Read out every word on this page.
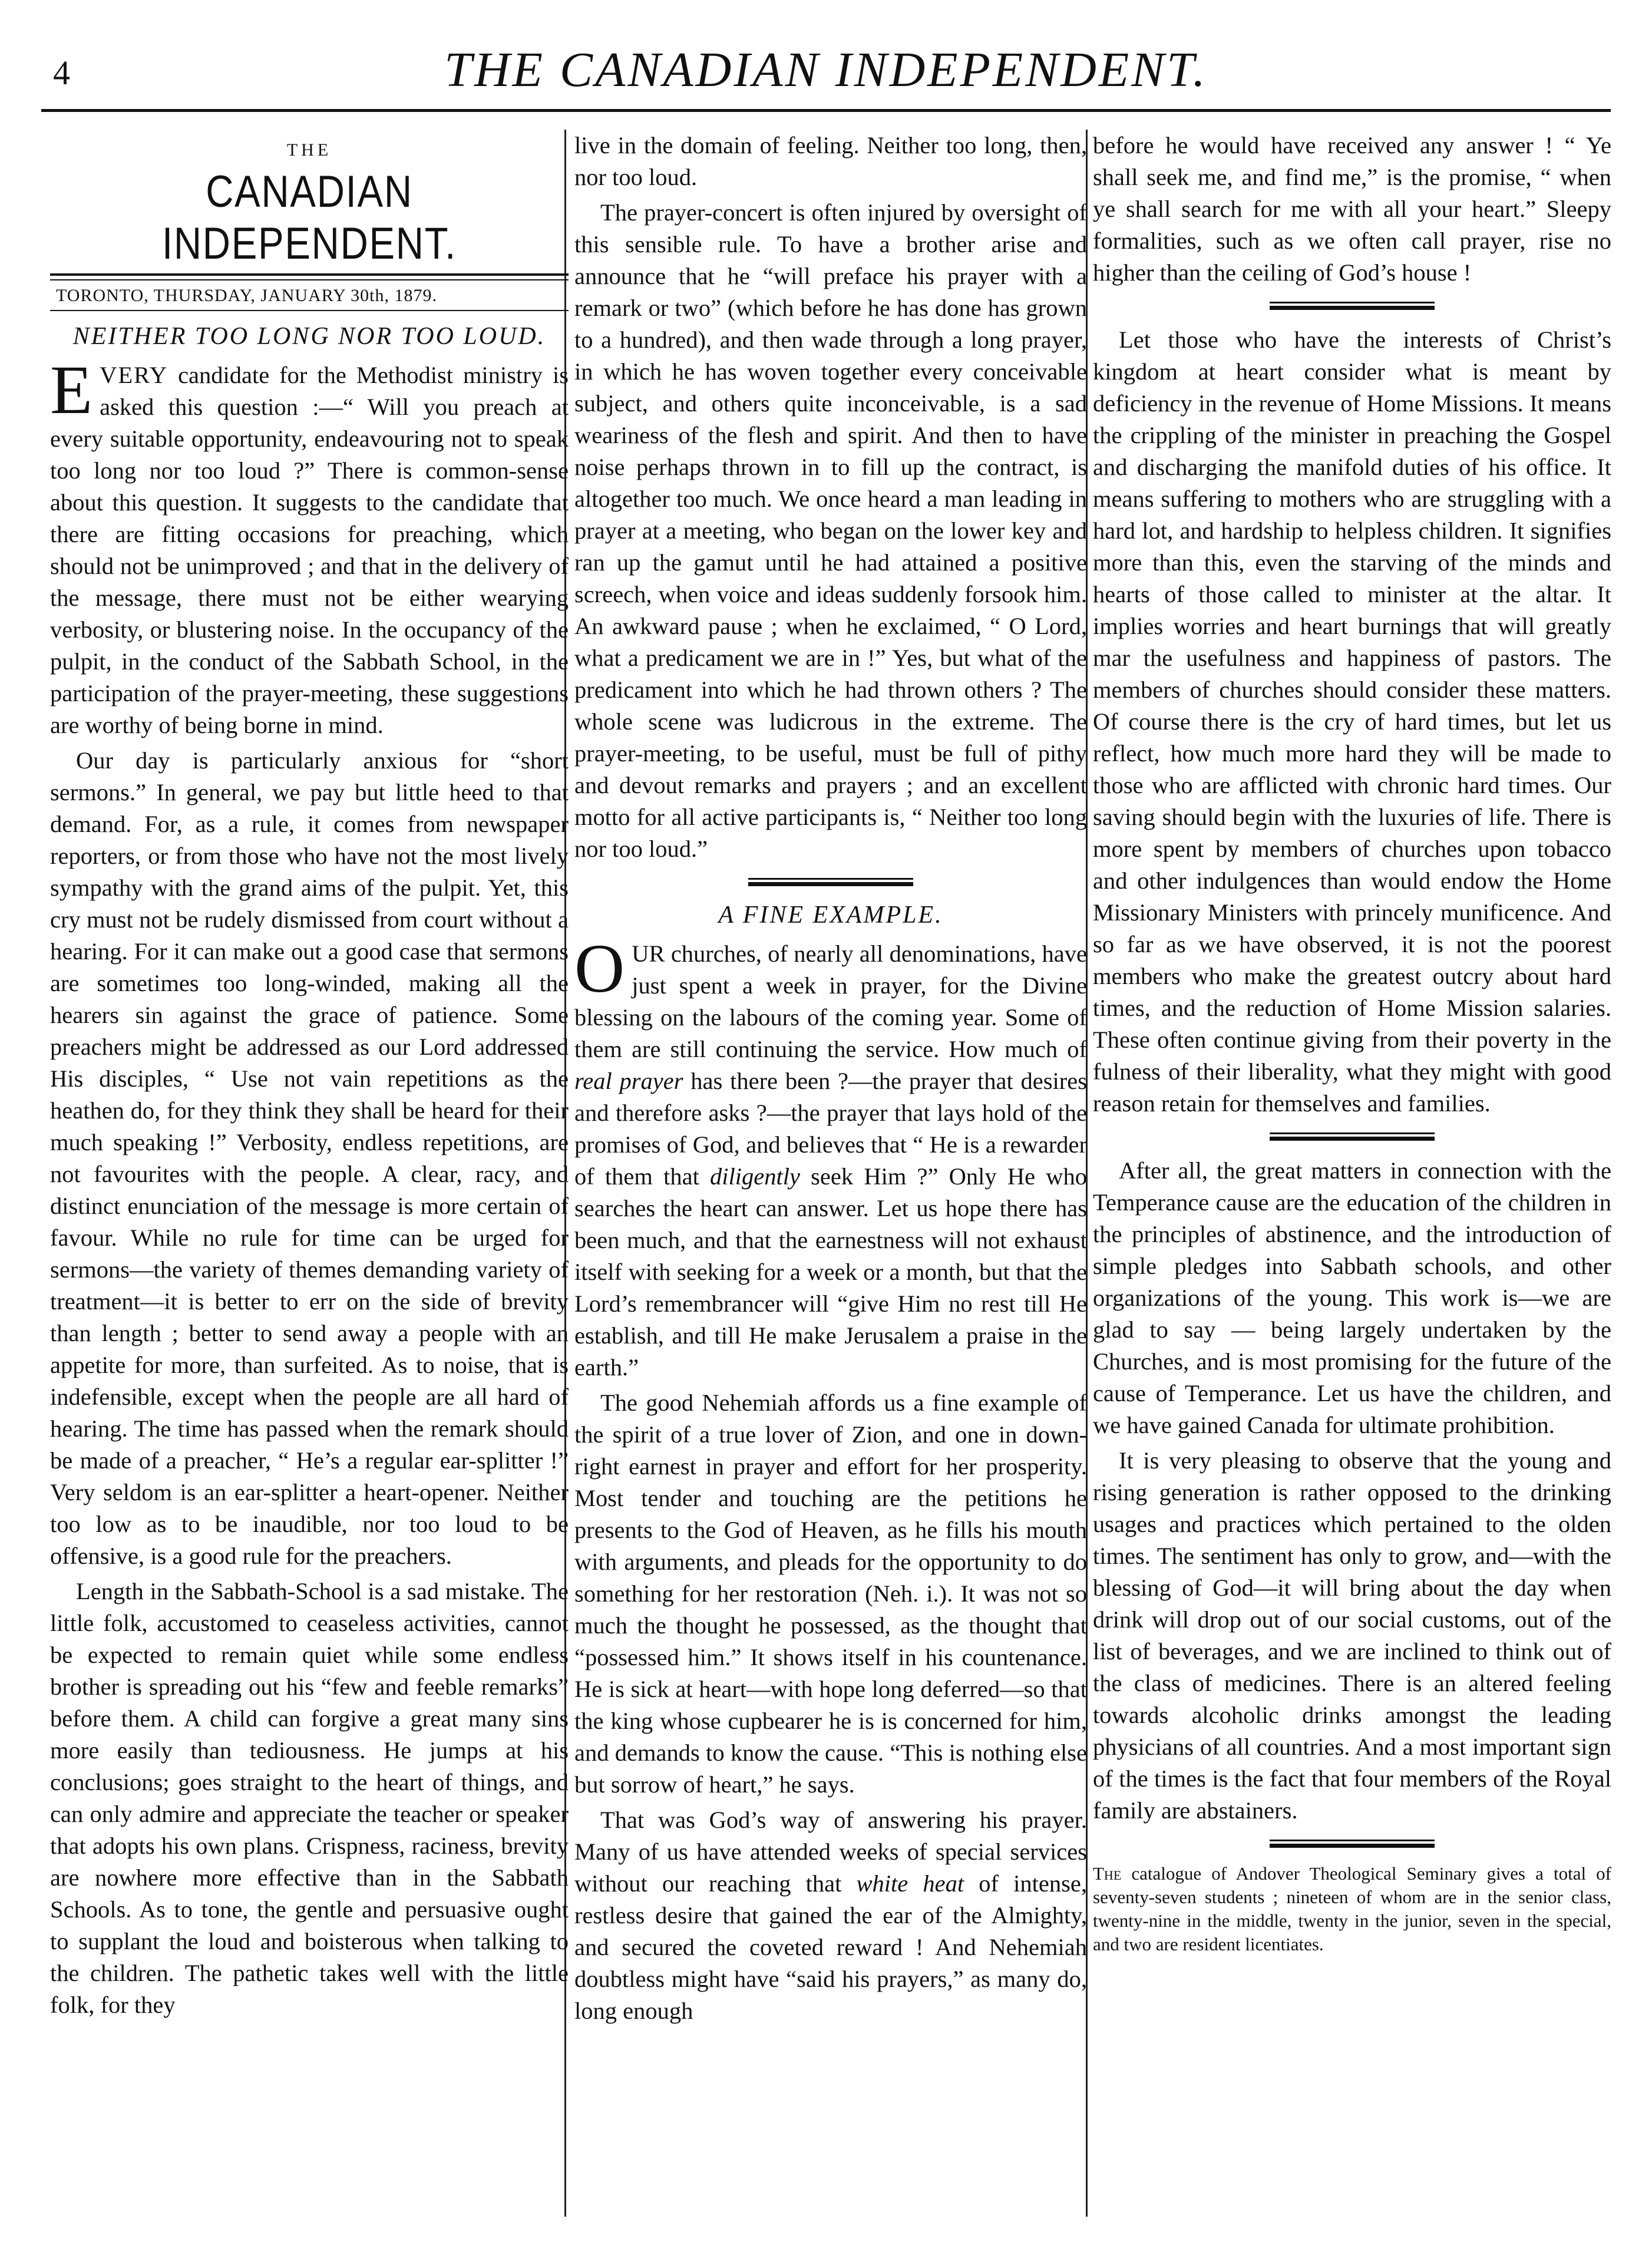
4	THE CANADIAN INDEPENDENT.
THE
CANADIAN INDEPENDENT.
TORONTO, THURSDAY, JANUARY 30th, 1879.
NEITHER TOO LONG NOR TOO LOUD.

EVERY candidate for the Methodist ministry is asked this question :—“ Will you preach at every suitable opportunity, endeavouring not to speak too long nor too loud ?” There is common-sense about this question. It suggests to the candidate that there are fitting occasions for preaching, which should not be unimproved ; and that in the delivery of the message, there must not be either wearying verbosity, or blustering noise. In the occupancy of the pulpit, in the conduct of the Sabbath School, in the participation of the prayer-meeting, these suggestions are worthy of being borne in mind.

Our day is particularly anxious for “short sermons.” In general, we pay but little heed to that demand. For, as a rule, it comes from newspaper reporters, or from those who have not the most lively sympathy with the grand aims of the pulpit. Yet, this cry must not be rudely dismissed from court without a hearing. For it can make out a good case that sermons are sometimes too long-winded, making all the hearers sin against the grace of patience. Some preachers might be addressed as our Lord addressed His disciples, “ Use not vain repetitions as the heathen do, for they think they shall be heard for their much speaking !” Verbosity, endless repetitions, are not favourites with the people. A clear, racy, and distinct enunciation of the message is more certain of favour. While no rule for time can be urged for sermons—the variety of themes demanding variety of treatment—it is better to err on the side of brevity than length ; better to send away a people with an appetite for more, than surfeited. As to noise, that is indefensible, except when the people are all hard of hearing. The time has passed when the remark should be made of a preacher, “ He’s a regular ear-splitter !” Very seldom is an ear-splitter a heart-opener. Neither too low as to be inaudible, nor too loud to be offensive, is a good rule for the preachers.

Length in the Sabbath-School is a sad mistake. The little folk, accustomed to ceaseless activities, cannot be expected to remain quiet while some endless brother is spreading out his “few and feeble remarks” before them. A child can forgive a great many sins more easily than tediousness. He jumps at his conclusions; goes straight to the heart of things, and can only admire and appreciate the teacher or speaker that adopts his own plans. Crispness, raciness, brevity are nowhere more effective than in the Sabbath Schools. As to tone, the gentle and persuasive ought to supplant the loud and boisterous when talking to the children. The pathetic takes well with the little folk, for they

live in the domain of feeling. Neither too long, then, nor too loud.

The prayer-concert is often injured by oversight of this sensible rule. To have a brother arise and announce that he “will preface his prayer with a remark or two” (which before he has done has grown to a hundred), and then wade through a long prayer, in which he has woven together every conceivable subject, and others quite inconceivable, is a sad weariness of the flesh and spirit. And then to have noise perhaps thrown in to fill up the contract, is altogether too much. We once heard a man leading in prayer at a meeting, who began on the lower key and ran up the gamut until he had attained a positive screech, when voice and ideas suddenly forsook him. An awkward pause ; when he exclaimed, “ O Lord, what a predicament we are in !” Yes, but what of the predicament into which he had thrown others ? The whole scene was ludicrous in the extreme. The prayer-meeting, to be useful, must be full of pithy and devout remarks and prayers ; and an excellent motto for all active participants is, “ Neither too long nor too loud.”

A FINE EXAMPLE.

OUR churches, of nearly all denominations, have just spent a week in prayer, for the Divine blessing on the labours of the coming year. Some of them are still continuing the service. How much of real prayer has there been ?—the prayer that desires and therefore asks ?—the prayer that lays hold of the promises of God, and believes that “ He is a rewarder of them that diligently seek Him ?” Only He who searches the heart can answer. Let us hope there has been much, and that the earnestness will not exhaust itself with seeking for a week or a month, but that the Lord’s remembrancer will “give Him no rest till He establish, and till He make Jerusalem a praise in the earth.”

The good Nehemiah affords us a fine example of the spirit of a true lover of Zion, and one in down-right earnest in prayer and effort for her prosperity. Most tender and touching are the petitions he presents to the God of Heaven, as he fills his mouth with arguments, and pleads for the opportunity to do something for her restoration (Neh. i.). It was not so much the thought he possessed, as the thought that “possessed him.” It shows itself in his countenance. He is sick at heart—with hope long deferred—so that the king whose cupbearer he is is concerned for him, and demands to know the cause. “This is nothing else but sorrow of heart,” he says.

That was God’s way of answering his prayer. Many of us have attended weeks of special services without our reaching that white heat of intense, restless desire that gained the ear of the Almighty, and secured the coveted reward ! And Nehemiah doubtless might have “said his prayers,” as many do, long enough

before he would have received any answer ! “ Ye shall seek me, and find me,” is the promise, “ when ye shall search for me with all your heart.” Sleepy formalities, such as we often call prayer, rise no higher than the ceiling of God’s house !

Let those who have the interests of Christ’s kingdom at heart consider what is meant by deficiency in the revenue of Home Missions. It means the crippling of the minister in preaching the Gospel and discharging the manifold duties of his office. It means suffering to mothers who are struggling with a hard lot, and hardship to helpless children. It signifies more than this, even the starving of the minds and hearts of those called to minister at the altar. It implies worries and heart burnings that will greatly mar the usefulness and happiness of pastors. The members of churches should consider these matters. Of course there is the cry of hard times, but let us reflect, how much more hard they will be made to those who are afflicted with chronic hard times. Our saving should begin with the luxuries of life. There is more spent by members of churches upon tobacco and other indulgences than would endow the Home Missionary Ministers with princely munificence. And so far as we have observed, it is not the poorest members who make the greatest outcry about hard times, and the reduction of Home Mission salaries. These often continue giving from their poverty in the fulness of their liberality, what they might with good reason retain for themselves and families.

After all, the great matters in connection with the Temperance cause are the education of the children in the principles of abstinence, and the introduction of simple pledges into Sabbath schools, and other organizations of the young. This work is—we are glad to say — being largely undertaken by the Churches, and is most promising for the future of the cause of Temperance. Let us have the children, and we have gained Canada for ultimate prohibition.

It is very pleasing to observe that the young and rising generation is rather opposed to the drinking usages and practices which pertained to the olden times. The sentiment has only to grow, and—with the blessing of God—it will bring about the day when drink will drop out of our social customs, out of the list of beverages, and we are inclined to think out of the class of medicines. There is an altered feeling towards alcoholic drinks amongst the leading physicians of all countries. And a most important sign of the times is the fact that four members of the Royal family are abstainers.

The catalogue of Andover Theological Seminary gives a total of seventy-seven students ; nineteen of whom are in the senior class, twenty-nine in the middle, twenty in the junior, seven in the special, and two are resident licentiates.
